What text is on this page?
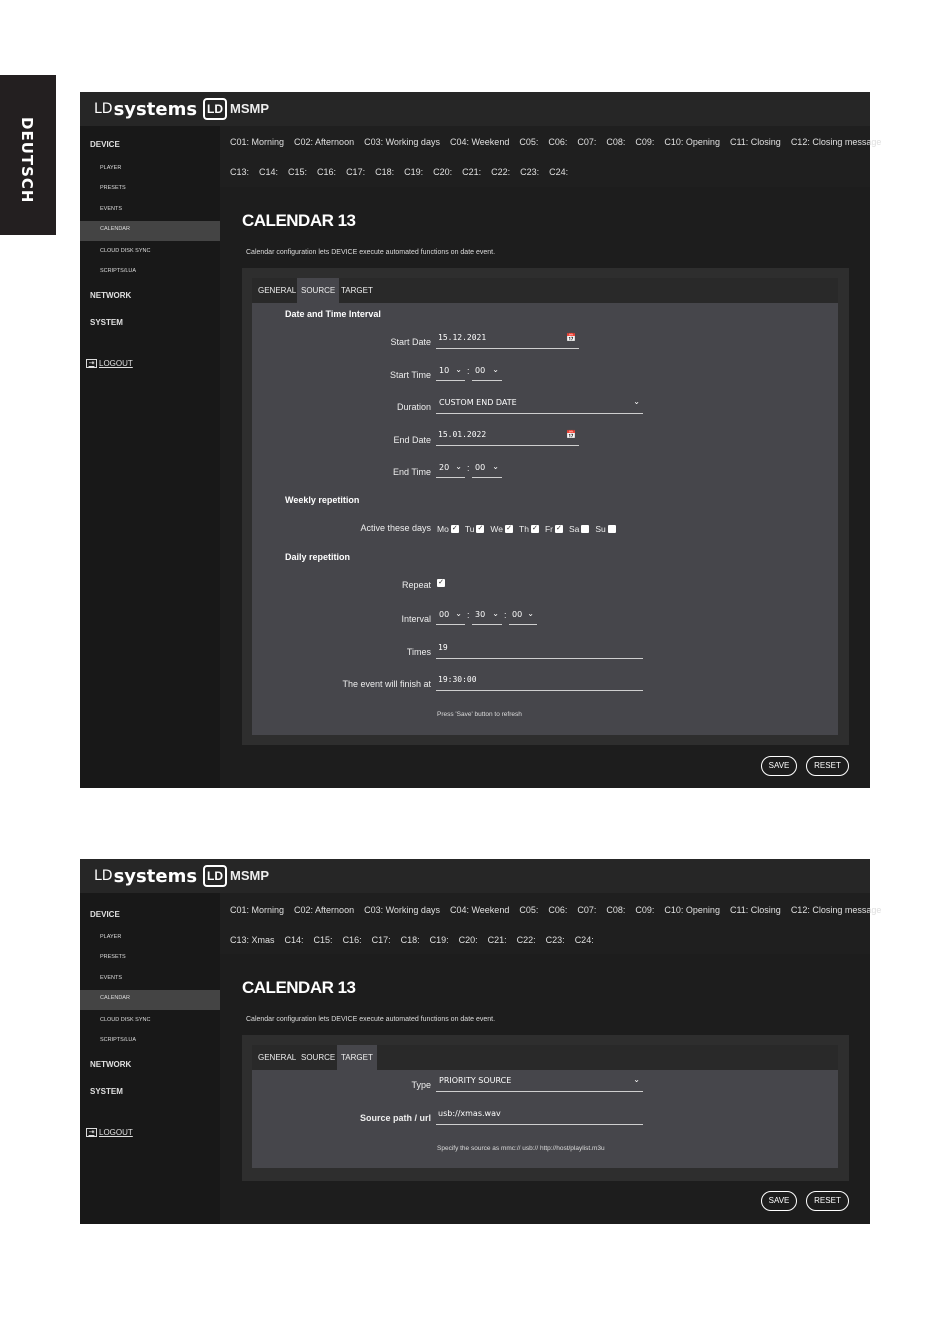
DEUTSCH
LD systems LD MSMP
DEVICE
PLAYER
PRESETS
EVENTS
CALENDAR
CLOUD DISK SYNC
SCRIPTS/LUA
NETWORK
SYSTEM
⇥ LOGOUT
C01: Morning C02: Afternoon C03: Working days C04: Weekend C05: C06: C07: C08: C09: C10: Opening C11: Closing C12: Closing message
C13: C14: C15: C16: C17: C18: C19: C20: C21: C22: C23: C24:
CALENDAR 13
Calendar configuration lets DEVICE execute automated functions on date event.
GENERAL SOURCE TARGET
Date and Time Interval
Start Date 15.12.2021	📅
Start Time	10 ⌄ : 00 ⌄
Duration	CUSTOM END DATE	⌄
End Date
15.01.2022	📅
End Time	20 ⌄ : 00 ⌄
Weekly repetition
Active these days Mo ✓ Tu ✓ We ✓ Th ✓ Fr ✓ Sa Su
Daily repetition
Repeat ✓
Interval	00 ⌄ : 30 ⌄ : 00 ⌄
Times 19
The event will finish at 19:30:00
Press 'Save' button to refresh
SAVE	RESET
LD systems LD MSMP
DEVICE
PLAYER
PRESETS
EVENTS
CALENDAR
CLOUD DISK SYNC
SCRIPTS/LUA
NETWORK
SYSTEM
⇥ LOGOUT
C01: Morning C02: Afternoon C03: Working days C04: Weekend C05: C06: C07: C08: C09: C10: Opening C11: Closing C12: Closing message
C13: Xmas C14: C15: C16: C17: C18: C19: C20: C21: C22: C23: C24:
CALENDAR 13
Calendar configuration lets DEVICE execute automated functions on date event.
GENERAL SOURCE TARGET
Type	PRIORITY SOURCE	⌄
Source path / url usb://xmas.wav
Specify the source as mmc:// usb:// http://host/playlist.m3u
SAVE	RESET
